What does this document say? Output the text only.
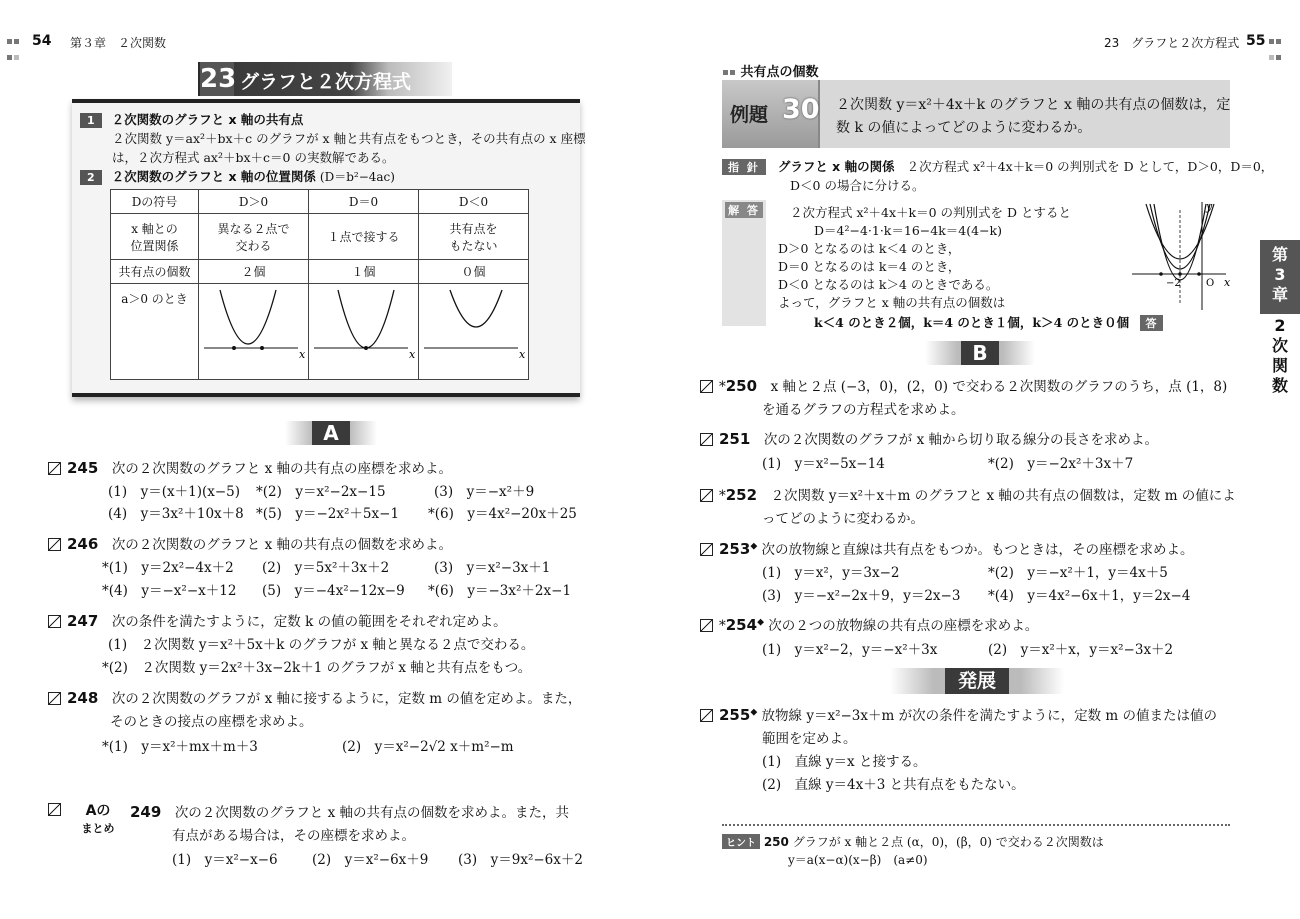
54 第３章　２次関数	23　グラフと２次方程式 55

23 グラフと２次方程式
1 ２次関数のグラフと x 軸の共有点
２次関数 y＝ax²＋bx＋c のグラフが x 軸と共有点をもつとき，その共有点の x 座標
は，２次方程式 ax²＋bx＋c＝0 の実数解である。
2 ２次関数のグラフと x 軸の位置関係 (D＝b²−4ac)
Dの符号	D＞0	D＝0	D＜0
x 軸との
位置関係	異なる２点で
交わる	１点で接する	共有点を
もたない
共有点の個数	２個	１個	０個
a＞0 のとき	x	x	x
A
245　 次の２次関数のグラフと x 軸の共有点の座標を求めよ。
(1)　y＝(x＋1)(x−5) *(2)　y＝x²−2x−15	(3)　y＝−x²＋9
(4)　y＝3x²＋10x＋8 *(5)　y＝−2x²＋5x−1 *(6)　y＝4x²−20x＋25
246　 次の２次関数のグラフと x 軸の共有点の個数を求めよ。
*(1)　y＝2x²−4x＋2 (2)　y＝5x²＋3x＋2	(3)　y＝x²−3x＋1
*(4)　y＝−x²−x＋12 (5)　y＝−4x²−12x−9 *(6)　y＝−3x²＋2x−1
247　 次の条件を満たすように，定数 k の値の範囲をそれぞれ定めよ。
(1)　２次関数 y＝x²＋5x＋k のグラフが x 軸と異なる２点で交わる。
*(2)　２次関数 y＝2x²＋3x−2k＋1 のグラフが x 軸と共有点をもつ。
248　 次の２次関数のグラフが x 軸に接するように，定数 m の値を定めよ。また，
そのときの接点の座標を求めよ。
*(1)　y＝x²＋mx＋m＋3	(2)　y＝x²−2√2 x＋m²−m
Aの
まとめ
249　 次の２次関数のグラフと x 軸の共有点の個数を求めよ。また，共
有点がある場合は，その座標を求めよ。
(1)　y＝x²−x−6	(2)　y＝x²−6x＋9 (3)　y＝9x²−6x＋2
共有点の個数
例題 30 ２次関数 y＝x²＋4x＋k のグラフと x 軸の共有点の個数は，定
数 k の値によってどのように変わるか。
指 針 グラフと x 軸の関係 ２次方程式 x²＋4x＋k＝0 の判別式を D として，D＞0，D＝0，
D＜0 の場合に分ける。
解 答 ２次方程式 x²＋4x＋k＝0 の判別式を D とすると
D＝4²−4·1·k＝16−4k＝4(4−k)
D＞0 となるのは k＜4 のとき，
D＝0 となるのは k＝4 のとき，
D＜0 となるのは k＞4 のときである。
よって，グラフと x 軸の共有点の個数は
k＜4 のとき２個，k＝4 のとき１個，k＞4 のとき０個 答
y
x
−2	O
B
*250　 x 軸と２点 (−3，0)，(2，0) で交わる２次関数のグラフのうち，点 (1，8)
を通るグラフの方程式を求めよ。
251　 次の２次関数のグラフが x 軸から切り取る線分の長さを求めよ。
(1)　y＝x²−5x−14	*(2)　y＝−2x²＋3x＋7
*252　 ２次関数 y＝x²＋x＋m のグラフと x 軸の共有点の個数は，定数 m の値によ
ってどのように変わるか。
253◆ 次の放物線と直線は共有点をもつか。もつときは，その座標を求めよ。
(1)　y＝x²，y＝3x−2	*(2)　y＝−x²＋1，y＝4x＋5
(3)　y＝−x²−2x＋9，y＝2x−3 *(4)　y＝4x²−6x＋1，y＝2x−4
*254◆ 次の２つの放物線の共有点の座標を求めよ。
(1)　y＝x²−2，y＝−x²＋3x	(2)　y＝x²＋x，y＝x²−3x＋2
発展
255◆ 放物線 y＝x²−3x＋m が次の条件を満たすように，定数 m の値または値の
範囲を定めよ。
(1)　直線 y＝x と接する。
(2)　直線 y＝4x＋3 と共有点をもたない。
ヒント 250 グラフが x 軸と２点 (α，0)，(β，0) で交わる２次関数は
y＝a(x−α)(x−β)　(a≠0)
第
3
章
2
次
関
数
